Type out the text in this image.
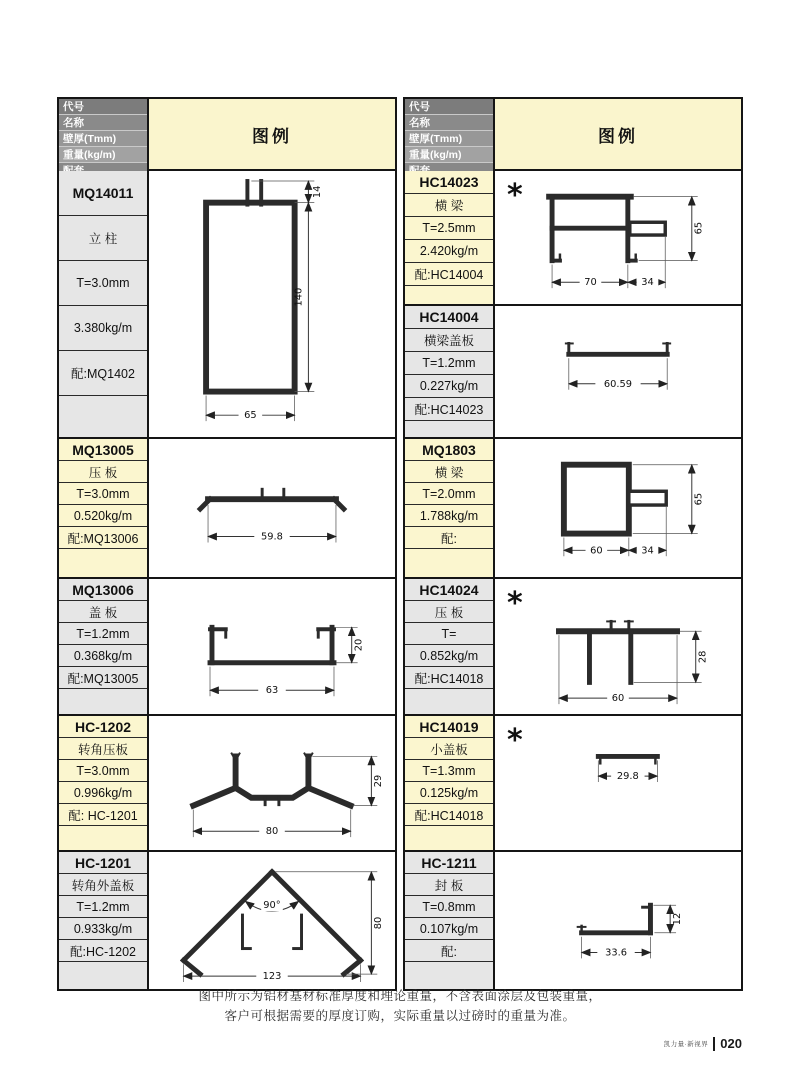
代号
名称
壁厚(Tmm)
重量(kg/m)
图例
MQ14011
立 柱
T=3.0mm
3.380kg/m
配:MQ1402
14
140
65
MQ13005
压 板
T=3.0mm
0.520kg/m
配:MQ13006	59.8
MQ13006
盖 板
T=1.2mm
0.368kg/m
配:MQ13005
63
20
HC-1202
转角压板
T=3.0mm
0.996kg/m
配: HC-1201
80
29
HC-1201
转角外盖板
T=1.2mm
0.933kg/m
配:HC-1202
90°
123
80
代号
名称
壁厚(Tmm)
重量(kg/m)
图例
HC14023
横 梁
T=2.5mm
2.420kg/m
配:HC14004
*
70	34
65
HC14004
横梁盖板
T=1.2mm
0.227kg/m
配:HC14023
60.59
MQ1803
横 梁
T=2.0mm
1.788kg/m
配:
60	34
65
HC14024
压 板
T=
0.852kg/m
配:HC14018
*
60
28
HC14019
小盖板
T=1.3mm
0.125kg/m
配:HC14018
*
29.8
HC-1211
封 板
T=0.8mm
0.107kg/m
配:	33.6
12
图中所示为铝材基材标准厚度和理论重量，不含表面涂层及包装重量，
客户可根据需要的厚度订购，实际重量以过磅时的重量为准。
凯力量·新视界 020
